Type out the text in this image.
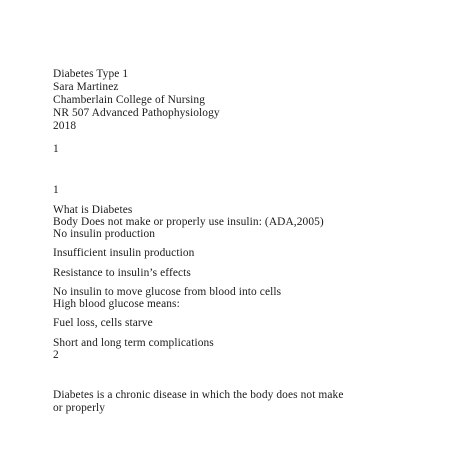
Diabetes Type 1
Sara Martinez
Chamberlain College of Nursing
NR 507 Advanced Pathophysiology
2018
1
1
What is Diabetes
Body Does not make or properly use insulin: (ADA,2005)
No insulin production
Insufficient insulin production
Resistance to insulin’s effects
No insulin to move glucose from blood into cells
High blood glucose means:
Fuel loss, cells starve
Short and long term complications
2
Diabetes is a chronic disease in which the body does not make
or properly
